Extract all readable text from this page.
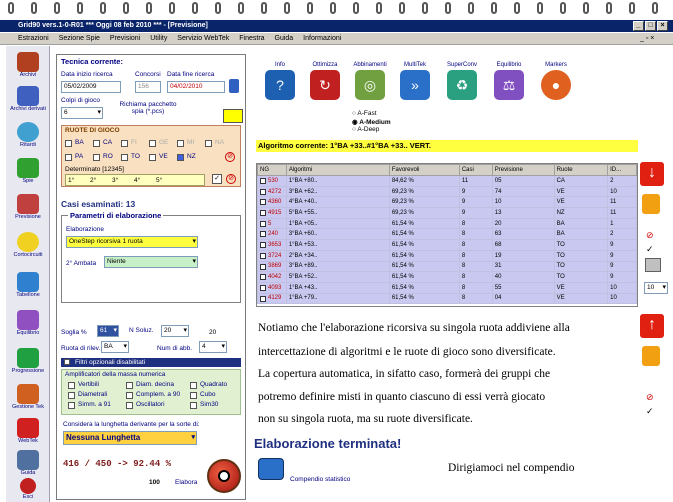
Grid90 vers.1-0-R01 *** Oggi 08 feb 2010 *** - [Previsione]	_	□	×
Estrazioni Sezione Spie Previsioni Utility Servizio WebTek Finestra Guida Informazioni	_ ▫ ×
Archivi
Archivi derivati
Ritardi
Spie
Previsione
Cortocircuiti
Tabellone
Equilibrio
Progressione
Gestione Tek
WebTek
Guida
Esci
Tecnica corrente:
Data inizio ricerca
05/02/2009
Concorsi
156
Data fine ricerca
04/02/2010
Colpi di gioco
6 ▾
Richiama pacchetto spia (*.pcs)
RUOTE DI GIOCO
BA	CA	FI	GE	MI	NA
PA	RO	TO	VE	NZ	⊘
Determinato [12345]
1° 2° 3° 4° 5°	✓ ⊘
Casi esaminati: 13
Parametri di elaborazione
Elaborazione
OneStep ricorsiva 1 ruota ▾
2° Ambata	Niente ▾
Soglia %	61 ▾	N Soluz.	20 ▾	20
Ruota di rilev. BA ▾	Num di abb.	4 ▾
Filtri opzionali disabilitati
Amplificatori della massa numerica
Vertibili	Diam. decina	Quadrato
Diametrali	Complem. a 90	Cubo
Simm. a 91	Oscillatori	Sim30
Considera la lunghetta derivante per la sorte di:
Nessuna Lunghetta ▾
416 / 450 -> 92.44 %
100 Elabora
Info
?
Ottimizza
↻
Abbinamenti
◎
MultiTek
»
SuperConv
♻
Equilibrio
⚖
Markers
●
○ A-Fast
◉ A-Medium
○ A-Deep
Algoritmo corrente: 1°BA +33..#1°BA +33.. VERT.
NG	Algoritmi	Favorevoli	Casi	Previsione	Ruote	ID...

530	1°BA +80..	84,62 %	11	05	CA	2

4272	3°BA +62..	69,23 %	9	74	VE	10

4360	4°BA +40..	69,23 %	9	10	VE	11

4915	5°BA +55..	69,23 %	9	13	NZ	11

5	1°BA +05..	61,54 %	8	20	BA	1

240	3°BA +60..	61,54 %	8	63	BA	2

3653	1°BA +53..	61,54 %	8	68	TO	9

3724	2°BA +34..	61,54 %	8	19	TO	9

3869	3°BA +89..	61,54 %	8	31	TO	9

4042	5°BA +52..	61,54 %	8	40	TO	9

4093	1°BA +43..	61,54 %	8	55	VE	10

4129	1°BA +79..	61,54 %	8	04	VE	10
↓
⊘
✓
10 ▾
↑
⊘
✓
Notiamo che l'elaborazione ricorsiva su singola ruota addiviene alla
intercettazione di algoritmi e le ruote di gioco sono diversificate.
La copertura automatica, in sifatto caso, formerà dei gruppi che
potremo definire misti in quanto ciascuno di essi verrà giocato
non su singola ruota, ma su ruote diversificate.
Elaborazione terminata!
Compendio statistico
Dirigiamoci nel compendio
